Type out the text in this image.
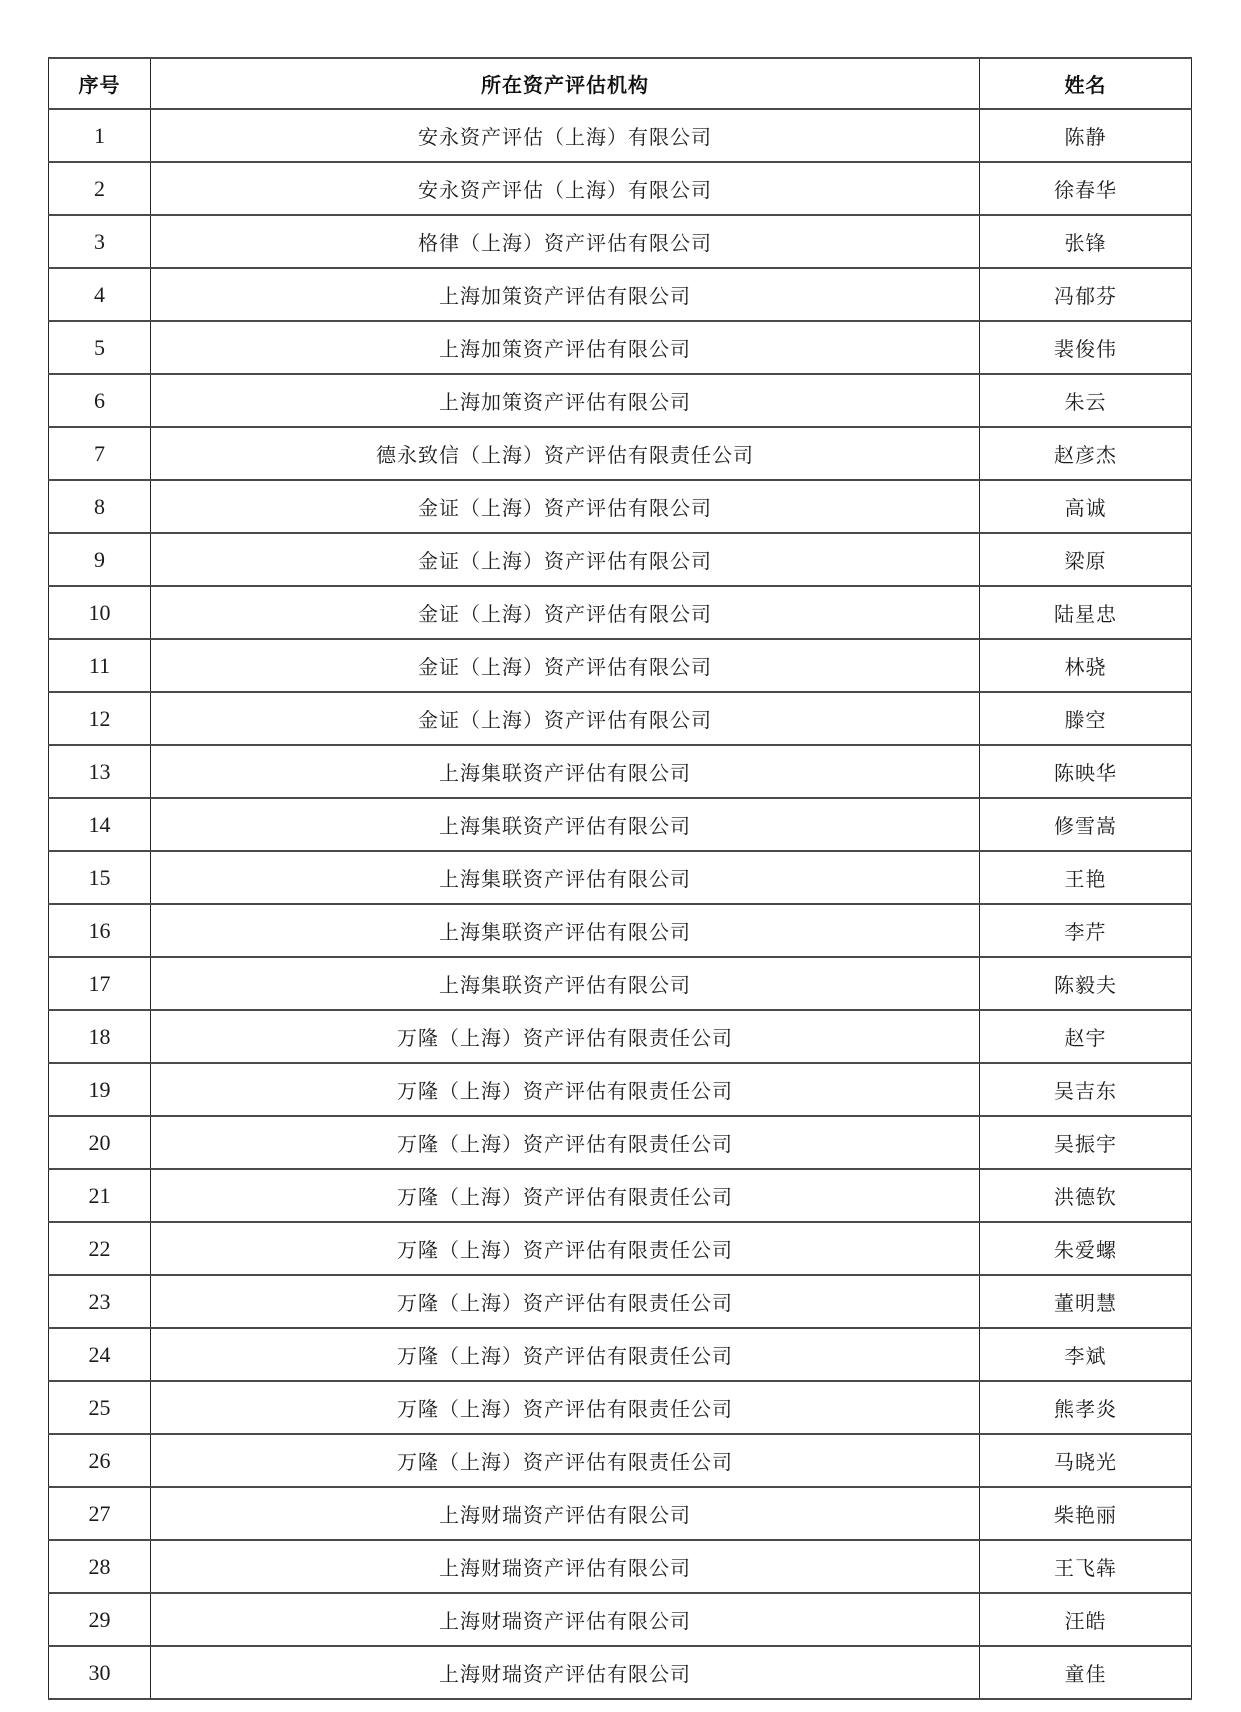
序号	所在资产评估机构	姓名
1	安永资产评估（上海）有限公司	陈静
2	安永资产评估（上海）有限公司	徐春华
3	格律（上海）资产评估有限公司	张锋
4	上海加策资产评估有限公司	冯郁芬
5	上海加策资产评估有限公司	裴俊伟
6	上海加策资产评估有限公司	朱云
7	德永致信（上海）资产评估有限责任公司	赵彦杰
8	金证（上海）资产评估有限公司	高诚
9	金证（上海）资产评估有限公司	梁原
10	金证（上海）资产评估有限公司	陆星忠
11	金证（上海）资产评估有限公司	林骁
12	金证（上海）资产评估有限公司	滕空
13	上海集联资产评估有限公司	陈映华
14	上海集联资产评估有限公司	修雪嵩
15	上海集联资产评估有限公司	王艳
16	上海集联资产评估有限公司	李芹
17	上海集联资产评估有限公司	陈毅夫
18	万隆（上海）资产评估有限责任公司	赵宇
19	万隆（上海）资产评估有限责任公司	吴吉东
20	万隆（上海）资产评估有限责任公司	吴振宇
21	万隆（上海）资产评估有限责任公司	洪德钦
22	万隆（上海）资产评估有限责任公司	朱爱螺
23	万隆（上海）资产评估有限责任公司	董明慧
24	万隆（上海）资产评估有限责任公司	李斌
25	万隆（上海）资产评估有限责任公司	熊孝炎
26	万隆（上海）资产评估有限责任公司	马晓光
27	上海财瑞资产评估有限公司	柴艳丽
28	上海财瑞资产评估有限公司	王飞犇
29	上海财瑞资产评估有限公司	汪皓
30	上海财瑞资产评估有限公司	童佳
